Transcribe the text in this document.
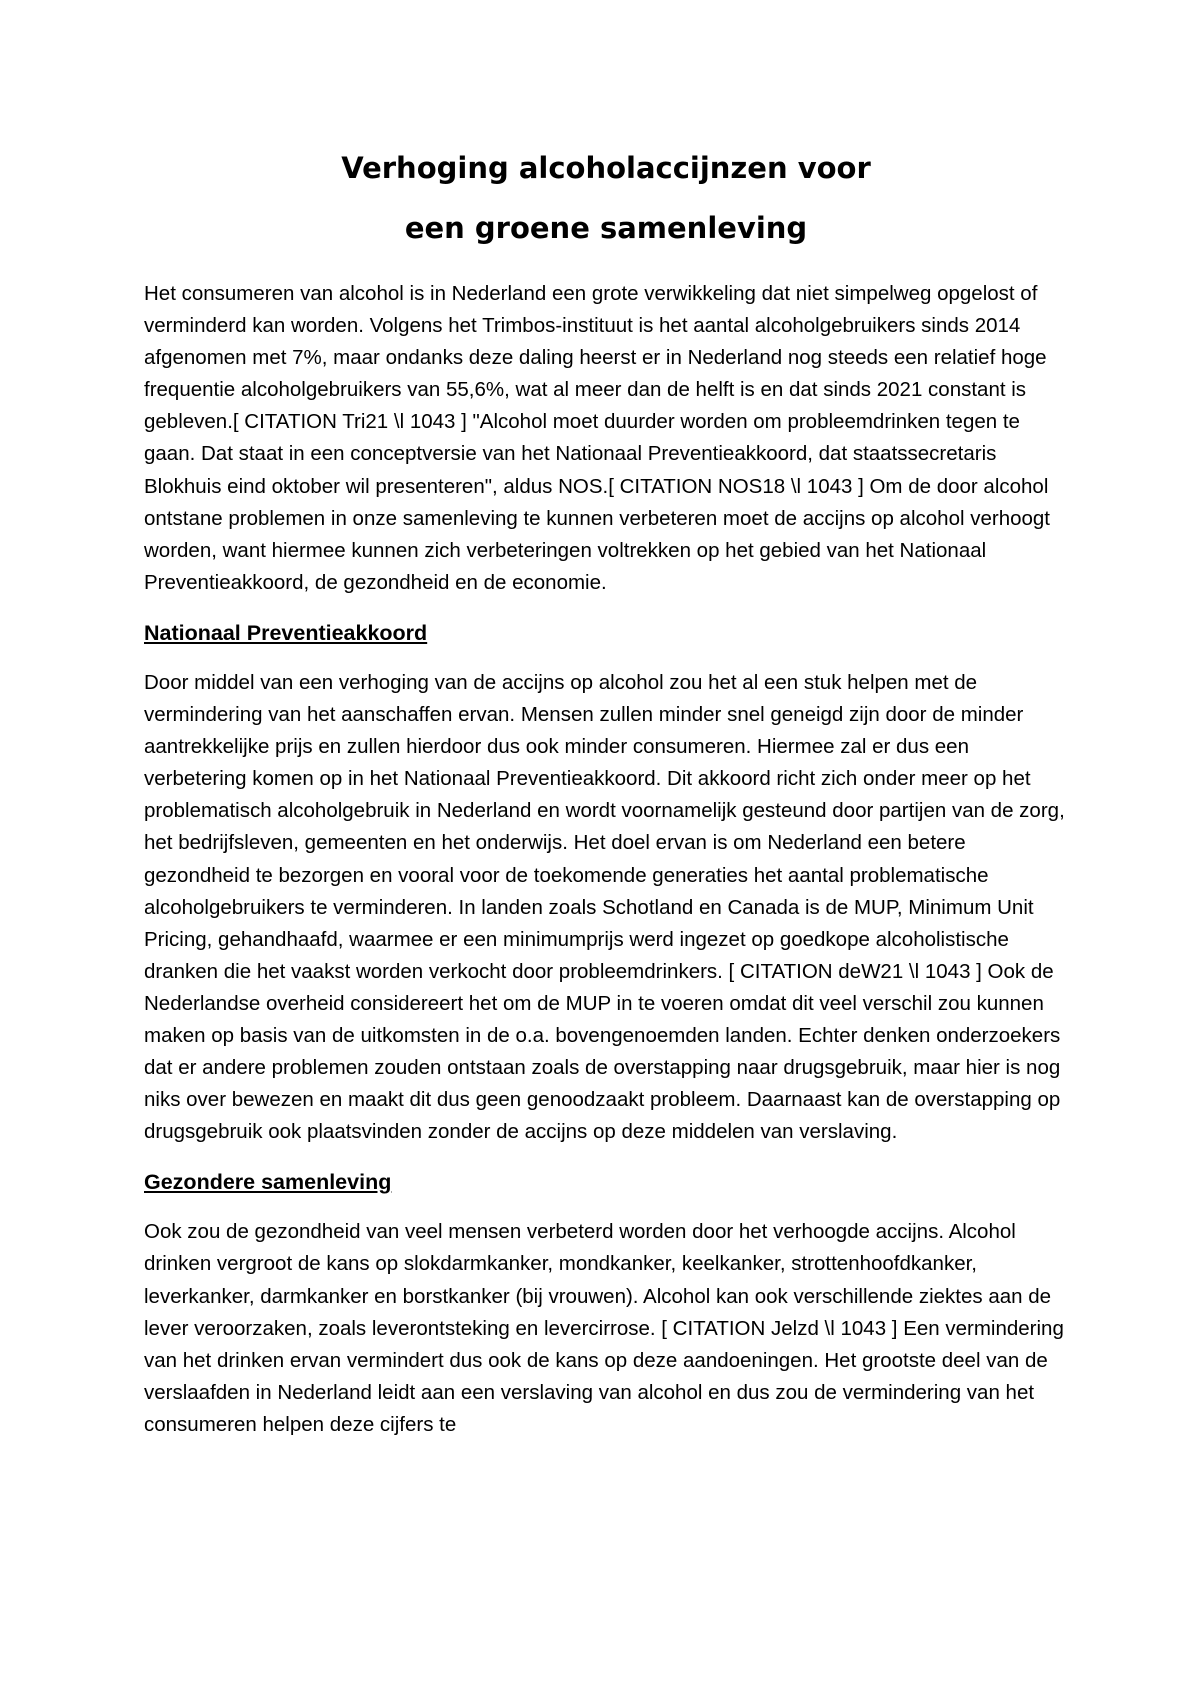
Verhoging alcoholaccijnzen voor
een groene samenleving

Het consumeren van alcohol is in Nederland een grote verwikkeling dat niet simpelweg opgelost of verminderd kan worden. Volgens het Trimbos-instituut is het aantal alcoholgebruikers sinds 2014 afgenomen met 7%, maar ondanks deze daling heerst er in Nederland nog steeds een relatief hoge frequentie alcoholgebruikers van 55,6%, wat al meer dan de helft is en dat sinds 2021 constant is gebleven.[ CITATION Tri21 \l 1043 ] "Alcohol moet duurder worden om probleemdrinken tegen te gaan. Dat staat in een conceptversie van het Nationaal Preventieakkoord, dat staatssecretaris Blokhuis eind oktober wil presenteren", aldus NOS.[ CITATION NOS18 \l 1043 ] Om de door alcohol ontstane problemen in onze samenleving te kunnen verbeteren moet de accijns op alcohol verhoogt worden, want hiermee kunnen zich verbeteringen voltrekken op het gebied van het Nationaal Preventieakkoord, de gezondheid en de economie.

Nationaal Preventieakkoord

Door middel van een verhoging van de accijns op alcohol zou het al een stuk helpen met de vermindering van het aanschaffen ervan. Mensen zullen minder snel geneigd zijn door de minder aantrekkelijke prijs en zullen hierdoor dus ook minder consumeren. Hiermee zal er dus een verbetering komen op in het Nationaal Preventieakkoord. Dit akkoord richt zich onder meer op het problematisch alcoholgebruik in Nederland en wordt voornamelijk gesteund door partijen van de zorg, het bedrijfsleven, gemeenten en het onderwijs. Het doel ervan is om Nederland een betere gezondheid te bezorgen en vooral voor de toekomende generaties het aantal problematische alcoholgebruikers te verminderen. In landen zoals Schotland en Canada is de MUP, Minimum Unit Pricing, gehandhaafd, waarmee er een minimumprijs werd ingezet op goedkope alcoholistische dranken die het vaakst worden verkocht door probleemdrinkers. [ CITATION deW21 \l 1043 ] Ook de Nederlandse overheid considereert het om de MUP in te voeren omdat dit veel verschil zou kunnen maken op basis van de uitkomsten in de o.a. bovengenoemden landen. Echter denken onderzoekers dat er andere problemen zouden ontstaan zoals de overstapping naar drugsgebruik, maar hier is nog niks over bewezen en maakt dit dus geen genoodzaakt probleem. Daarnaast kan de overstapping op drugsgebruik ook plaatsvinden zonder de accijns op deze middelen van verslaving.

Gezondere samenleving

Ook zou de gezondheid van veel mensen verbeterd worden door het verhoogde accijns. Alcohol drinken vergroot de kans op slokdarmkanker, mondkanker, keelkanker, strottenhoofdkanker, leverkanker, darmkanker en borstkanker (bij vrouwen). Alcohol kan ook verschillende ziektes aan de lever veroorzaken, zoals leverontsteking en levercirrose. [ CITATION Jelzd \l 1043 ] Een vermindering van het drinken ervan vermindert dus ook de kans op deze aandoeningen. Het grootste deel van de verslaafden in Nederland leidt aan een verslaving van alcohol en dus zou de vermindering van het consumeren helpen deze cijfers te
